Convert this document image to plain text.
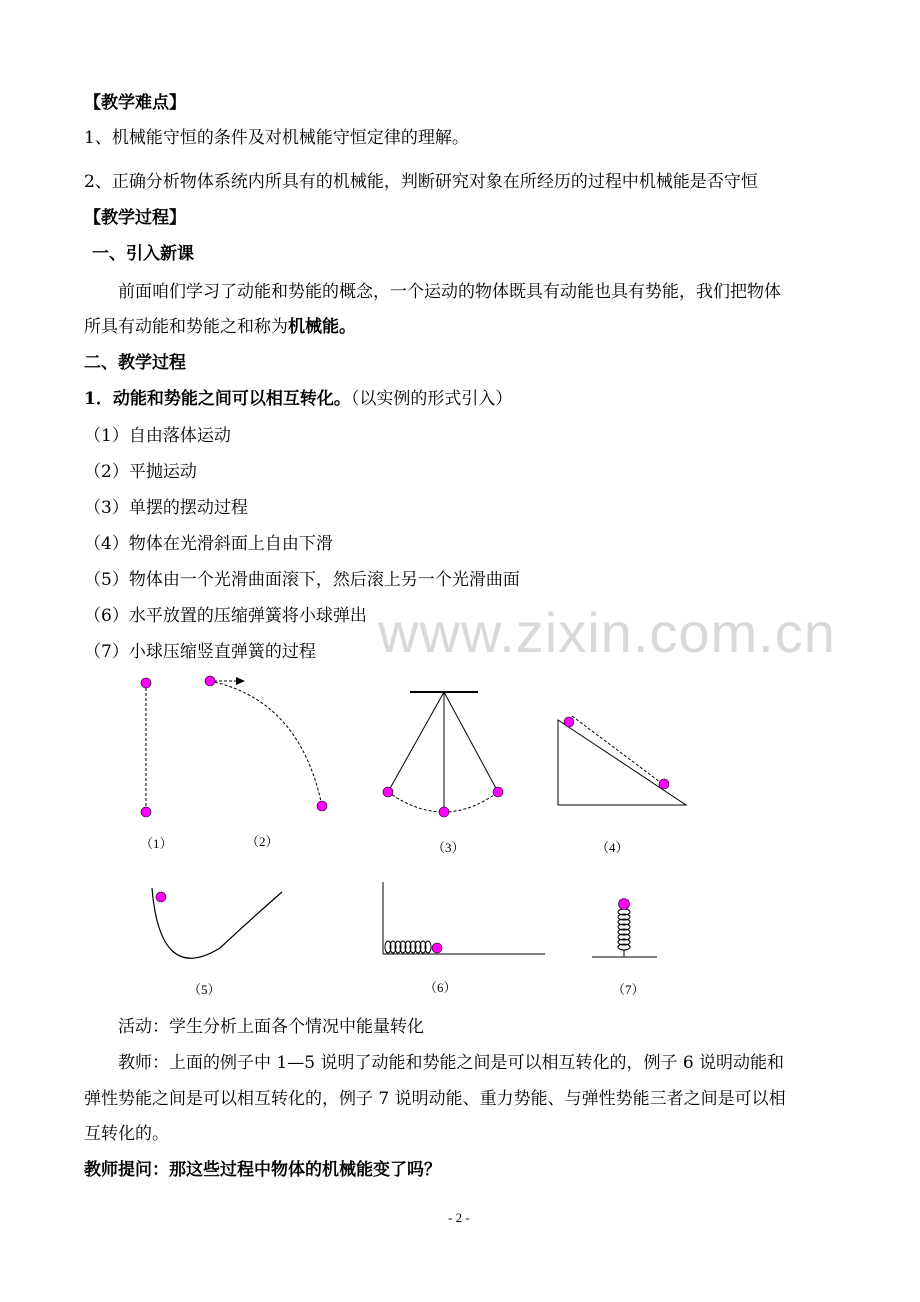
【教学难点】
1、机械能守恒的条件及对机械能守恒定律的理解。
2、正确分析物体系统内所具有的机械能，判断研究对象在所经历的过程中机械能是否守恒
【教学过程】
一、引入新课
前面咱们学习了动能和势能的概念，一个运动的物体既具有动能也具有势能，我们把物体
所具有动能和势能之和称为机械能。
二、教学过程
1．动能和势能之间可以相互转化。（以实例的形式引入）
（1）自由落体运动
（2）平抛运动
（3）单摆的摆动过程
（4）物体在光滑斜面上自由下滑
（5）物体由一个光滑曲面滚下，然后滚上另一个光滑曲面
（6）水平放置的压缩弹簧将小球弹出
（7）小球压缩竖直弹簧的过程 www.zixin.com.cn
（1）	（2）	（3）	（4）
（5）	（6）	（7）
活动：学生分析上面各个情况中能量转化
教师：上面的例子中 1—5 说明了动能和势能之间是可以相互转化的，例子 6 说明动能和
弹性势能之间是可以相互转化的，例子 7 说明动能、重力势能、与弹性势能三者之间是可以相
互转化的。
教师提问：那这些过程中物体的机械能变了吗？
- 2 -
